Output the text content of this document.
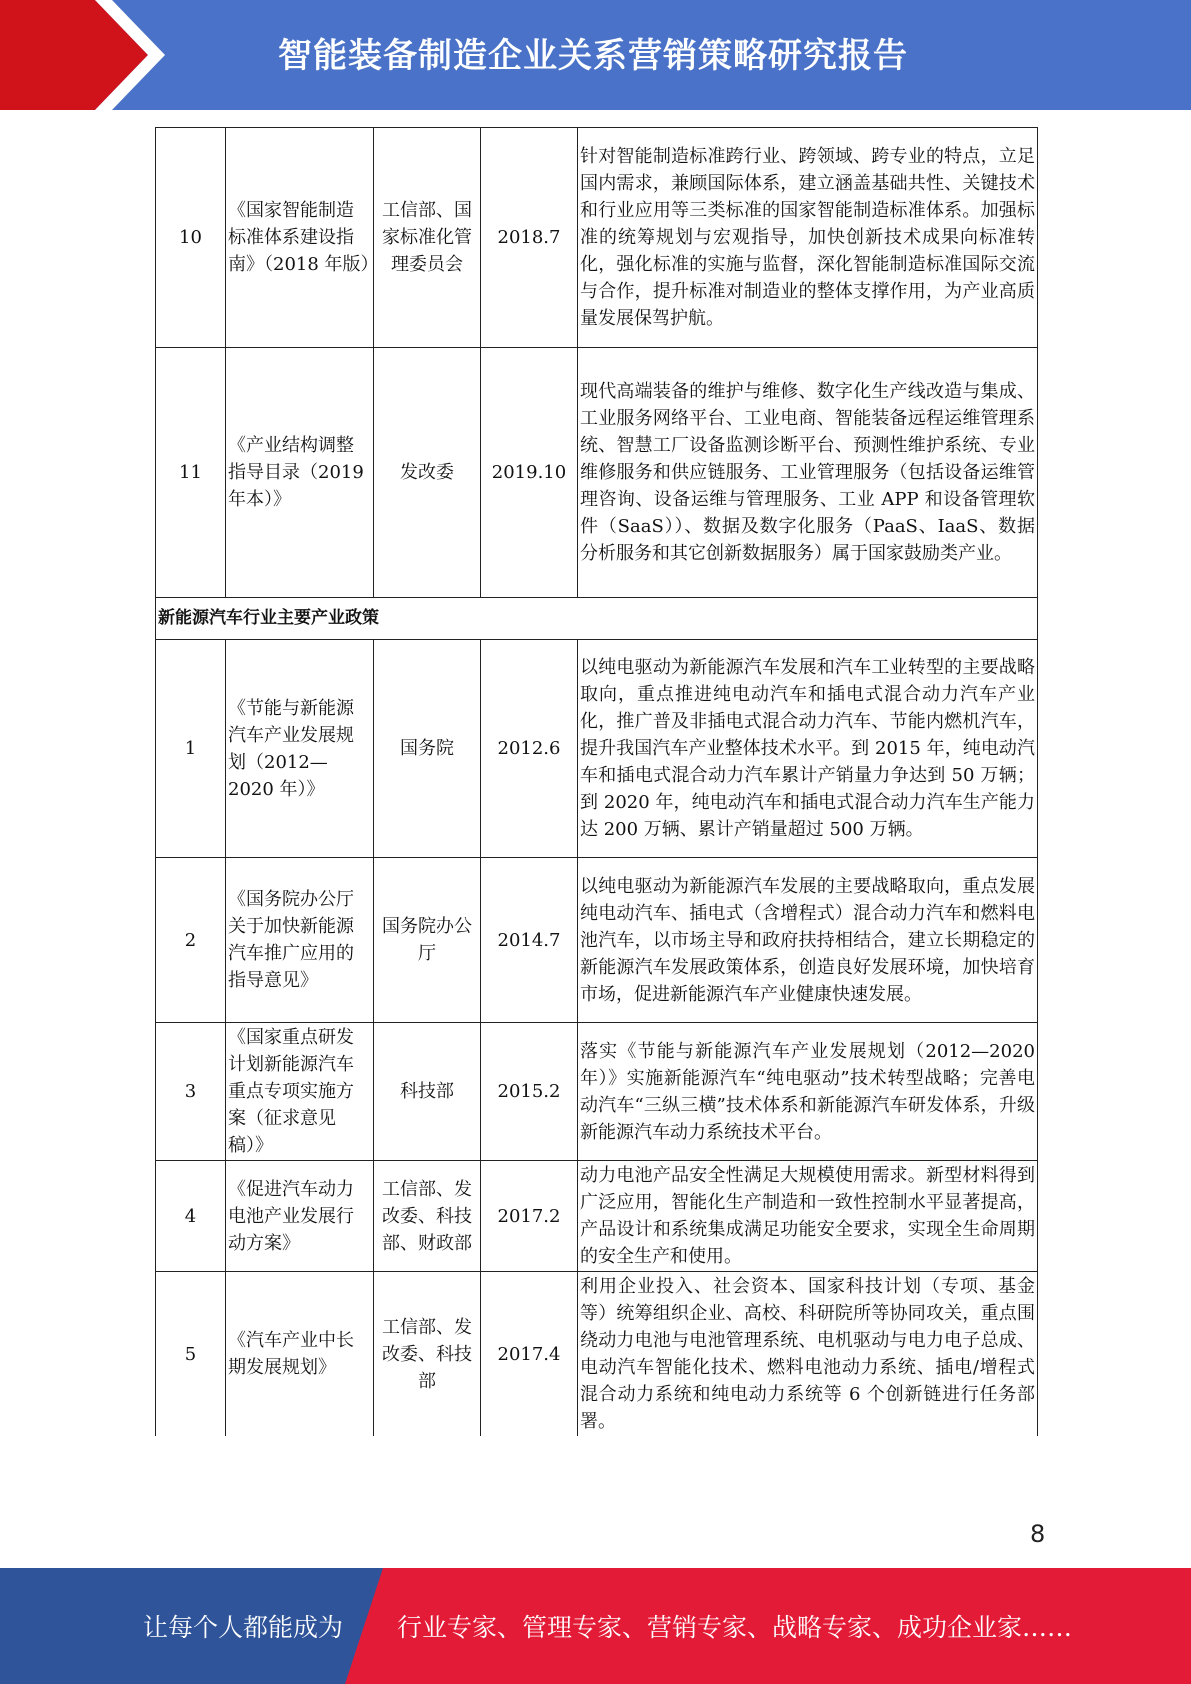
智能装备制造企业关系营销策略研究报告
10	《国家智能制造标准体系建设指南》（2018 年版）	工信部、国家标准化管理委员会	2018.7	针对智能制造标准跨行业、跨领域、跨专业的特点，立足国内需求，兼顾国际体系，建立涵盖基础共性、关键技术和行业应用等三类标准的国家智能制造标准体系。加强标准的统筹规划与宏观指导，加快创新技术成果向标准转化，强化标准的实施与监督，深化智能制造标准国际交流与合作，提升标准对制造业的整体支撑作用，为产业高质量发展保驾护航。
11	《产业结构调整指导目录（2019 年本）》	发改委	2019.10	现代高端装备的维护与维修、数字化生产线改造与集成、工业服务网络平台、工业电商、智能装备远程运维管理系统、智慧工厂设备监测诊断平台、预测性维护系统、专业维修服务和供应链服务、工业管理服务（包括设备运维管理咨询、设备运维与管理服务、工业 APP 和设备管理软件（SaaS））、数据及数字化服务（PaaS、IaaS、数据分析服务和其它创新数据服务）属于国家鼓励类产业。
新能源汽车行业主要产业政策				
1	《节能与新能源汽车产业发展规划（2012—2020 年）》	国务院	2012.6	以纯电驱动为新能源汽车发展和汽车工业转型的主要战略取向，重点推进纯电动汽车和插电式混合动力汽车产业化，推广普及非插电式混合动力汽车、节能内燃机汽车，提升我国汽车产业整体技术水平。到 2015 年，纯电动汽车和插电式混合动力汽车累计产销量力争达到 50 万辆；到 2020 年，纯电动汽车和插电式混合动力汽车生产能力达 200 万辆、累计产销量超过 500 万辆。
2	《国务院办公厅关于加快新能源汽车推广应用的指导意见》	国务院办公厅	2014.7	以纯电驱动为新能源汽车发展的主要战略取向，重点发展纯电动汽车、插电式（含增程式）混合动力汽车和燃料电池汽车，以市场主导和政府扶持相结合，建立长期稳定的新能源汽车发展政策体系，创造良好发展环境，加快培育市场，促进新能源汽车产业健康快速发展。
3	《国家重点研发计划新能源汽车重点专项实施方案（征求意见稿）》	科技部	2015.2	落实《节能与新能源汽车产业发展规划（2012—2020 年）》实施新能源汽车“纯电驱动”技术转型战略；完善电动汽车“三纵三横”技术体系和新能源汽车研发体系，升级新能源汽车动力系统技术平台。
4	《促进汽车动力电池产业发展行动方案》	工信部、发改委、科技部、财政部	2017.2	动力电池产品安全性满足大规模使用需求。新型材料得到广泛应用，智能化生产制造和一致性控制水平显著提高，产品设计和系统集成满足功能安全要求，实现全生命周期的安全生产和使用。
5	《汽车产业中长期发展规划》	工信部、发改委、科技部	2017.4	利用企业投入、社会资本、国家科技计划（专项、基金等）统筹组织企业、高校、科研院所等协同攻关，重点围绕动力电池与电池管理系统、电机驱动与电力电子总成、电动汽车智能化技术、燃料电池动力系统、插电/增程式混合动力系统和纯电动力系统等 6 个创新链进行任务部署。
8
让每个人都能成为 行业专家、管理专家、营销专家、战略专家、成功企业家……
